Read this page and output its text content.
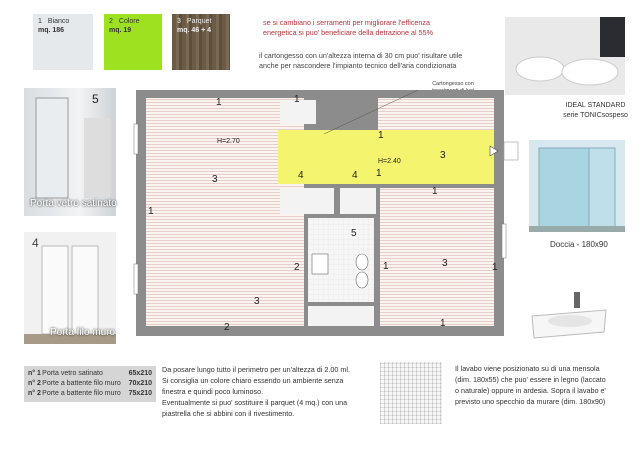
1 Bianco
mq. 186
2 Colore
mq. 19
3 Parquet
mq. 46 + 4
se si cambiano i serramenti per migliorare l'efficenza
energetica si puo' beneficiare della detrazione al 55%
il cartongesso con un'altezza interna di 30 cm puo' risultare utile
anche per nascondere l'impianto tecnico dell'aria condizionata
Cartongesso con
IDEAL STANDARD
serie TONICsospeso
Doccia - 180x90
5
Porta vetro satinato
4
Porta filo muro
H=2.70
H=2.40
1	1
3
1
3
4	4 1
1
2
5
1	3	1
3
2	1
1
n° 1 Porta vetro satinato	65x210
n° 2 Porte a battente filo muro	70x210
n° 2 Porte a battente filo muro	75x210
Da posare lungo tutto il perimetro per un'altezza di 2.00 ml.
Si consiglia un colore chiaro essendo un ambiente senza
finestra e quindi poco luminoso.
Eventualmente si puo' sostituire il parquet (4 mq.) con una
piastrella che si abbini con il rivestimento.
Il lavabo viene posizionato su di una mensola
(dim. 180x55) che puo' essere in legno (laccato
o naturale) oppure in ardesia. Sopra il lavabo e'
previsto uno specchio da murare (dim. 180x90)
